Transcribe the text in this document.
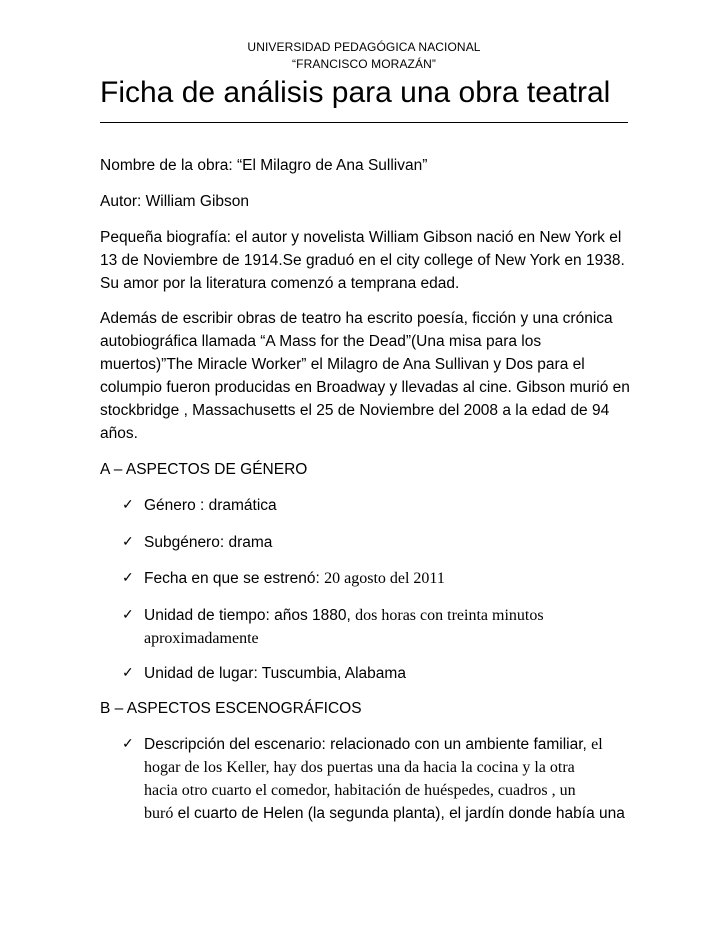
UNIVERSIDAD PEDAGÓGICA NACIONAL
“FRANCISCO MORAZÁN”
Ficha de análisis para una obra teatral
Nombre de la obra: “El Milagro de Ana Sullivan”
Autor: William Gibson
Pequeña biografía: el autor y novelista William Gibson nació en New York el
13 de Noviembre de 1914.Se graduó en el city college of New York en 1938.
Su amor por la literatura comenzó a temprana edad.
Además de escribir obras de teatro ha escrito poesía, ficción y una crónica
autobiográfica llamada “A Mass for the Dead”(Una misa para los
muertos)”The Miracle Worker” el Milagro de Ana Sullivan y Dos para el
columpio fueron producidas en Broadway y llevadas al cine. Gibson murió en
stockbridge , Massachusetts el 25 de Noviembre del 2008 a la edad de 94
años.
A – ASPECTOS DE GÉNERO
✓ Género : dramática
✓ Subgénero: drama
✓ Fecha en que se estrenó: 20 agosto del 2011
✓ Unidad de tiempo: años 1880, dos horas con treinta minutos
aproximadamente
✓ Unidad de lugar: Tuscumbia, Alabama
B – ASPECTOS ESCENOGRÁFICOS
✓ Descripción del escenario: relacionado con un ambiente familiar, el
hogar de los Keller, hay dos puertas una da hacia la cocina y la otra
hacia otro cuarto el comedor, habitación de huéspedes, cuadros , un
buró el cuarto de Helen (la segunda planta), el jardín donde había una
